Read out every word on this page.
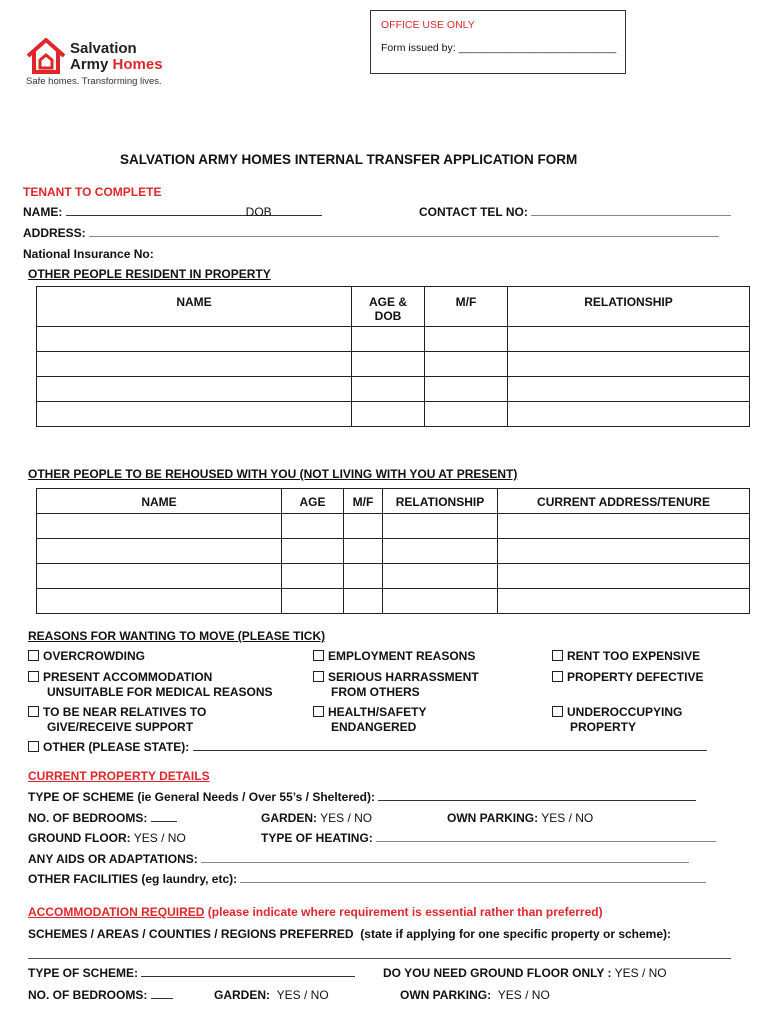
OFFICE USE ONLY
Form issued by: ___________________________
Salvation
Army Homes
Safe homes. Transforming lives.
SALVATION ARMY HOMES INTERNAL TRANSFER APPLICATION FORM
TENANT TO COMPLETE
NAME:	DOB	CONTACT TEL NO:
ADDRESS:
National Insurance No:
OTHER PEOPLE RESIDENT IN PROPERTY
NAME	AGE & DOB	M/F	RELATIONSHIP

OTHER PEOPLE TO BE REHOUSED WITH YOU (NOT LIVING WITH YOU AT PRESENT)
NAME	AGE	M/F	RELATIONSHIP	CURRENT ADDRESS/TENURE

REASONS FOR WANTING TO MOVE (PLEASE TICK)
OVERCROWDING	EMPLOYMENT REASONS	RENT TOO EXPENSIVE
PRESENT ACCOMMODATION
UNSUITABLE FOR MEDICAL REASONS
SERIOUS HARRASSMENT
FROM OTHERS
PROPERTY DEFECTIVE
TO BE NEAR RELATIVES TO
GIVE/RECEIVE SUPPORT
HEALTH/SAFETY
ENDANGERED
UNDEROCCUPYING
PROPERTY
OTHER (PLEASE STATE):
CURRENT PROPERTY DETAILS
TYPE OF SCHEME (ie General Needs / Over 55’s / Sheltered):
NO. OF BEDROOMS:	GARDEN: YES / NO	OWN PARKING: YES / NO
GROUND FLOOR: YES / NO	TYPE OF HEATING:
ANY AIDS OR ADAPTATIONS:
OTHER FACILITIES (eg laundry, etc):
ACCOMMODATION REQUIRED (please indicate where requirement is essential rather than preferred)
SCHEMES / AREAS / COUNTIES / REGIONS PREFERRED (state if applying for one specific property or scheme):
TYPE OF SCHEME:	DO YOU NEED GROUND FLOOR ONLY : YES / NO
NO. OF BEDROOMS:	GARDEN: YES / NO	OWN PARKING: YES / NO
